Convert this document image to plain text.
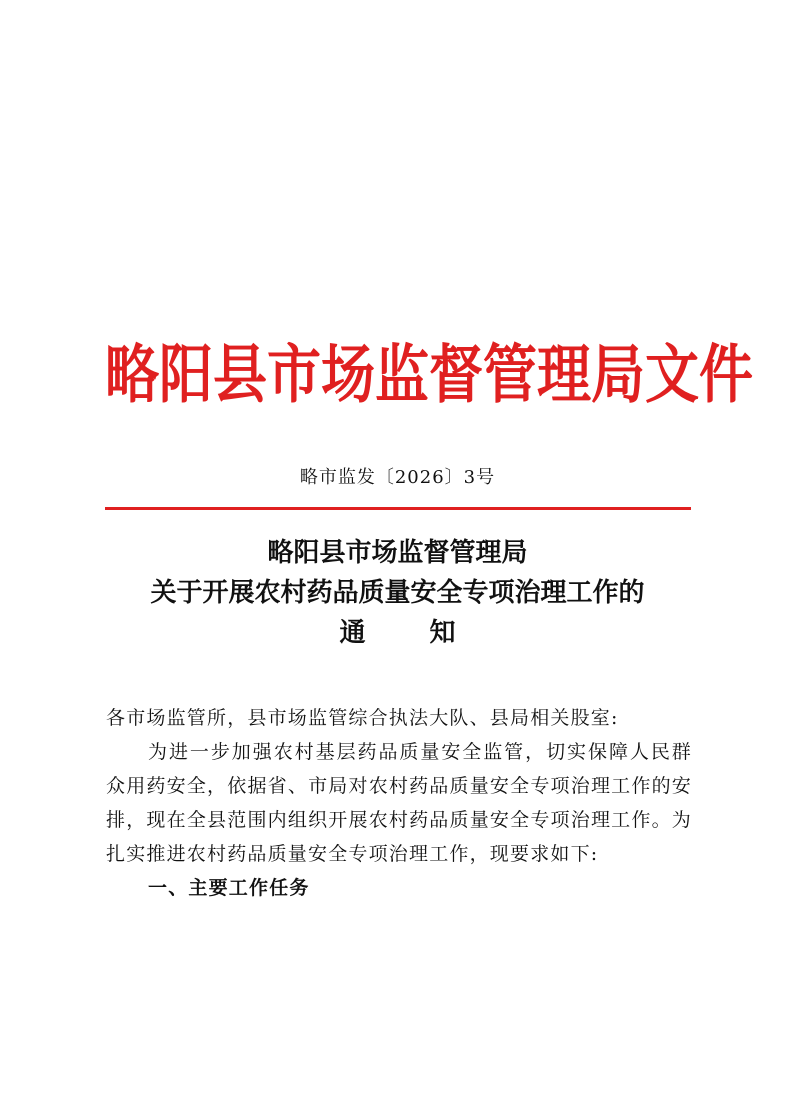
略阳县市场监督管理局文件
略市监发〔2026〕3号
略阳县市场监督管理局
关于开展农村药品质量安全专项治理工作的
通 知

各市场监管所，县市场监管综合执法大队、县局相关股室:

为进一步加强农村基层药品质量安全监管，切实保障人民群众用药安全，依据省、市局对农村药品质量安全专项治理工作的安排，现在全县范围内组织开展农村药品质量安全专项治理工作。为扎实推进农村药品质量安全专项治理工作，现要求如下:

一、主要工作任务
